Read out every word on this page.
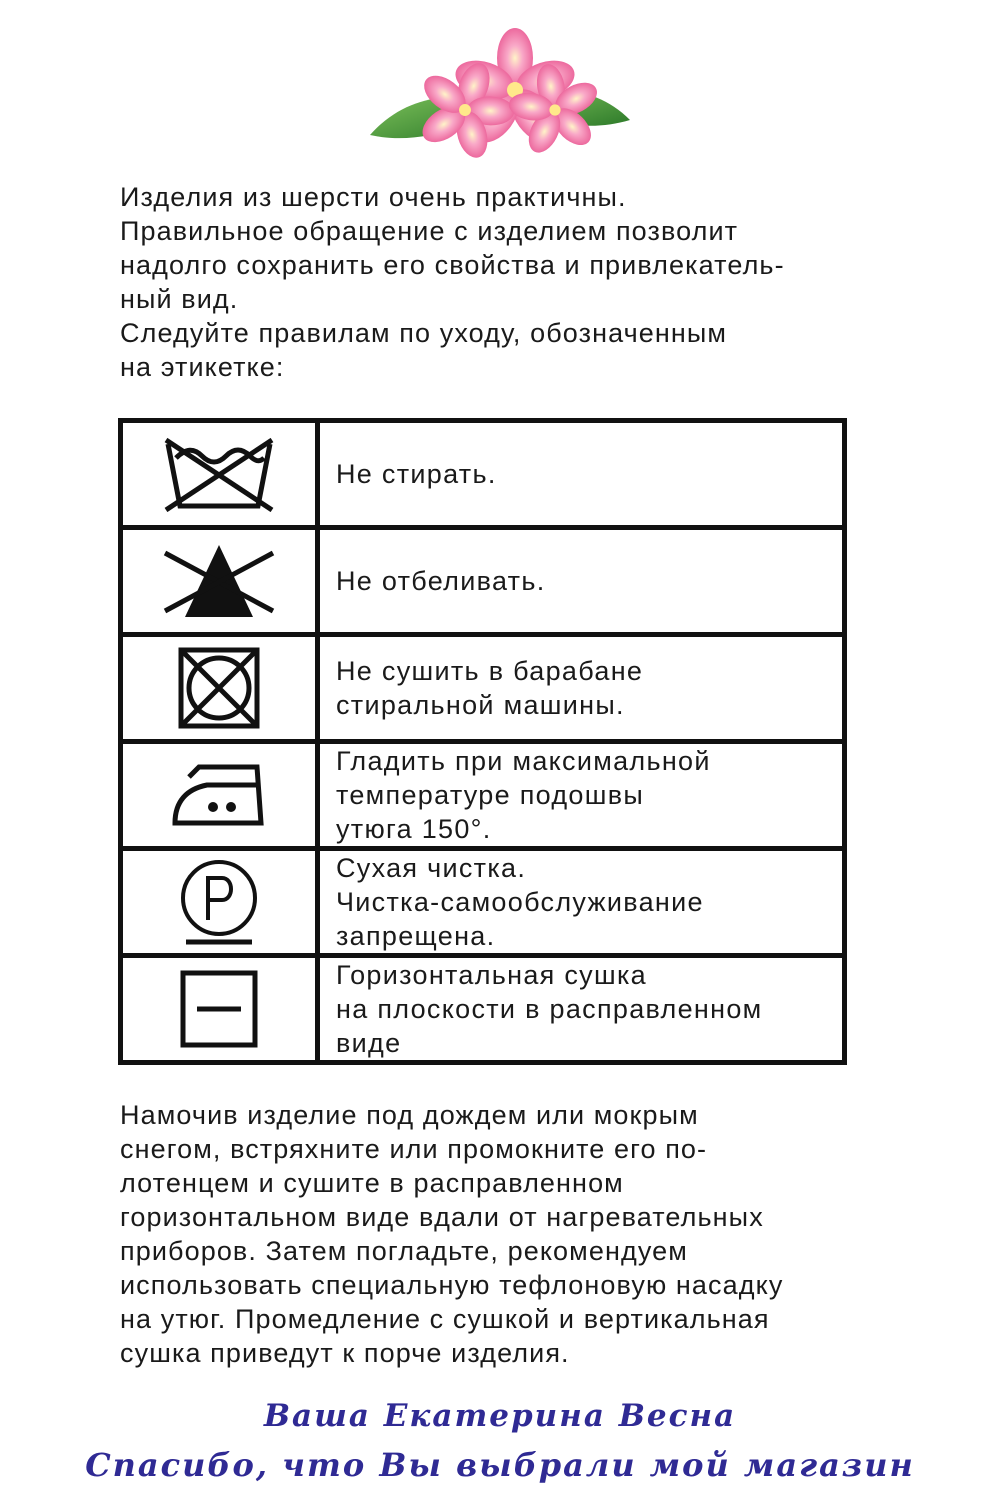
Изделия из шерсти очень практичны.
Правильное обращение с изделием позволит
надолго сохранить его свойства и привлекатель-
ный вид.

Следуйте правилам по уходу, обозначенным
на этикетке:

	Не стирать.

	Не отбеливать.

	Не сушить в барабане
стиральной машины.

	Гладить при максимальной
температуре подошвы
утюга 150°.

	Сухая чистка.
Чистка-самообслуживание
запрещена.

	Горизонтальная сушка
на плоскости в расправленном
виде

Намочив изделие под дождем или мокрым
снегом, встряхните или промокните его по-
лотенцем и сушите в расправленном
горизонтальном виде вдали от нагревательных
приборов. Затем погладьте, рекомендуем
использовать специальную тефлоновую насадку
на утюг. Промедление с сушкой и вертикальная
сушка приведут к порче изделия.

Ваша Екатерина Весна
Спасибо, что Вы выбрали мой магазин
